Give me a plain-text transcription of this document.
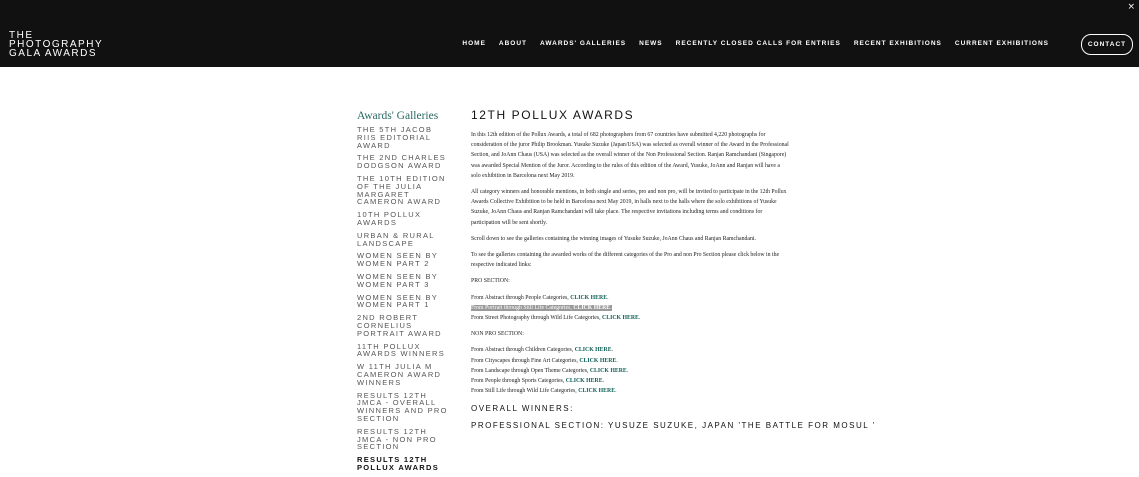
THE
PHOTOGRAPHY
GALA AWARDS
×
HOME ABOUT AWARDS' GALLERIES NEWS RECENTLY CLOSED CALLS FOR ENTRIES RECENT EXHIBITIONS CURRENT EXHIBITIONS	CONTACT
Awards' Galleries
THE 5TH JACOB RIIS EDITORIAL AWARD
THE 2ND CHARLES DODGSON AWARD
THE 10TH EDITION OF THE JULIA MARGARET CAMERON AWARD
10TH POLLUX AWARDS
URBAN & RURAL LANDSCAPE
WOMEN SEEN BY WOMEN PART 2
WOMEN SEEN BY WOMEN PART 3
WOMEN SEEN BY WOMEN PART 1
2ND ROBERT CORNELIUS PORTRAIT AWARD
11TH POLLUX AWARDS WINNERS
W 11TH JULIA M CAMERON AWARD WINNERS
RESULTS 12TH JMCA - OVERALL WINNERS AND PRO SECTION
RESULTS 12TH JMCA - NON PRO SECTION
RESULTS 12TH POLLUX AWARDS
12TH POLLUX AWARDS

In this 12th edition of the Pollux Awards, a total of 682 photographers from 67 countries have submitted 4,220 photographs for consideration of the juror Philip Brookman. Yusuke Suzuke (Japan/USA) was selected as overall winner of the Award in the Professional Section, and JoAnn Chaus (USA) was selected as the overall winner of the Non Professional Section. Ranjan Ramchandani (Singapore) was awarded Special Mention of the Juror. According to the rules of this edition of the Award, Yusuke, JoAnn and Ranjan will have a solo exhibition in Barcelona next May 2019.

All category winners and honorable mentions, in both single and series, pro and non pro, will be invited to participate in the 12th Pollux Awards Collective Exhibition to be held in Barcelona next May 2019, in halls next to the halls where the solo exhibitions of Yusuke Suzuke, JoAnn Chaus and Ranjan Ramchandani will take place. The respective invitations including terms and conditions for participation will be sent shortly.

Scroll down to see the galleries containing the winning images of Yusuke Suzuke, JoAnn Chaus and Ranjan Ramchandani.

To see the galleries containing the awarded works of the different categories of the Pro and non Pro Section please click below in the respective indicated links:

PRO SECTION:
From Abstract through People Categories, CLICK HERE.
From Portrait through Still Life Categories, CLICK HERE.
From Street Photography through Wild Life Categories, CLICK HERE.
NON PRO SECTION:
From Abstract through Children Categories, CLICK HERE.
From Cityscapes through Fine Art Categories, CLICK HERE.
From Landscape through Open Theme Categories, CLICK HERE.
From People through Sports Categories, CLICK HERE.
From Still Life through Wild Life Categories, CLICK HERE.
OVERALL WINNERS:
PROFESSIONAL SECTION: YUSUZE SUZUKE, JAPAN 'THE BATTLE FOR MOSUL '
